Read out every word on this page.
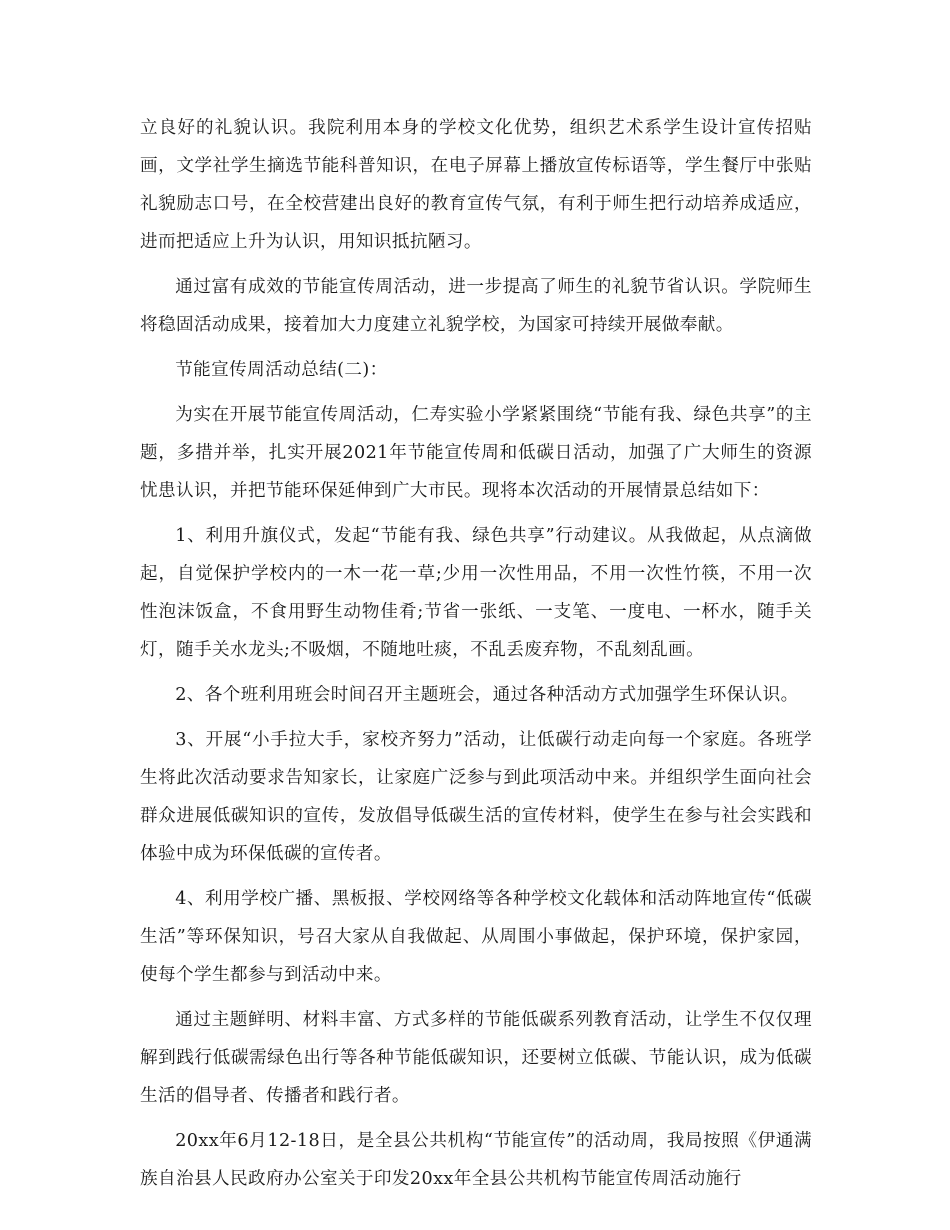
立良好的礼貌认识。我院利用本身的学校文化优势，组织艺术系学生设计宣传招贴画，文学社学生摘选节能科普知识，在电子屏幕上播放宣传标语等，学生餐厅中张贴礼貌励志口号，在全校营建出良好的教育宣传气氛，有利于师生把行动培养成适应，进而把适应上升为认识，用知识抵抗陋习。

通过富有成效的节能宣传周活动，进一步提高了师生的礼貌节省认识。学院师生将稳固活动成果，接着加大力度建立礼貌学校，为国家可持续开展做奉献。

节能宣传周活动总结(二)：

为实在开展节能宣传周活动，仁寿实验小学紧紧围绕“节能有我、绿色共享”的主题，多措并举，扎实开展2021年节能宣传周和低碳日活动，加强了广大师生的资源忧患认识，并把节能环保延伸到广大市民。现将本次活动的开展情景总结如下：

1、利用升旗仪式，发起“节能有我、绿色共享”行动建议。从我做起，从点滴做起，自觉保护学校内的一木一花一草;少用一次性用品，不用一次性竹筷，不用一次性泡沫饭盒，不食用野生动物佳肴;节省一张纸、一支笔、一度电、一杯水，随手关灯，随手关水龙头;不吸烟，不随地吐痰，不乱丢废弃物，不乱刻乱画。

2、各个班利用班会时间召开主题班会，通过各种活动方式加强学生环保认识。

3、开展“小手拉大手，家校齐努力”活动，让低碳行动走向每一个家庭。各班学生将此次活动要求告知家长，让家庭广泛参与到此项活动中来。并组织学生面向社会群众进展低碳知识的宣传，发放倡导低碳生活的宣传材料，使学生在参与社会实践和体验中成为环保低碳的宣传者。

4、利用学校广播、黑板报、学校网络等各种学校文化载体和活动阵地宣传“低碳生活”等环保知识，号召大家从自我做起、从周围小事做起，保护环境，保护家园，使每个学生都参与到活动中来。

通过主题鲜明、材料丰富、方式多样的节能低碳系列教育活动，让学生不仅仅理解到践行低碳需绿色出行等各种节能低碳知识，还要树立低碳、节能认识，成为低碳生活的倡导者、传播者和践行者。

20xx年6月12-18日，是全县公共机构“节能宣传”的活动周，我局按照《伊通满族自治县人民政府办公室关于印发20xx年全县公共机构节能宣传周活动施行
